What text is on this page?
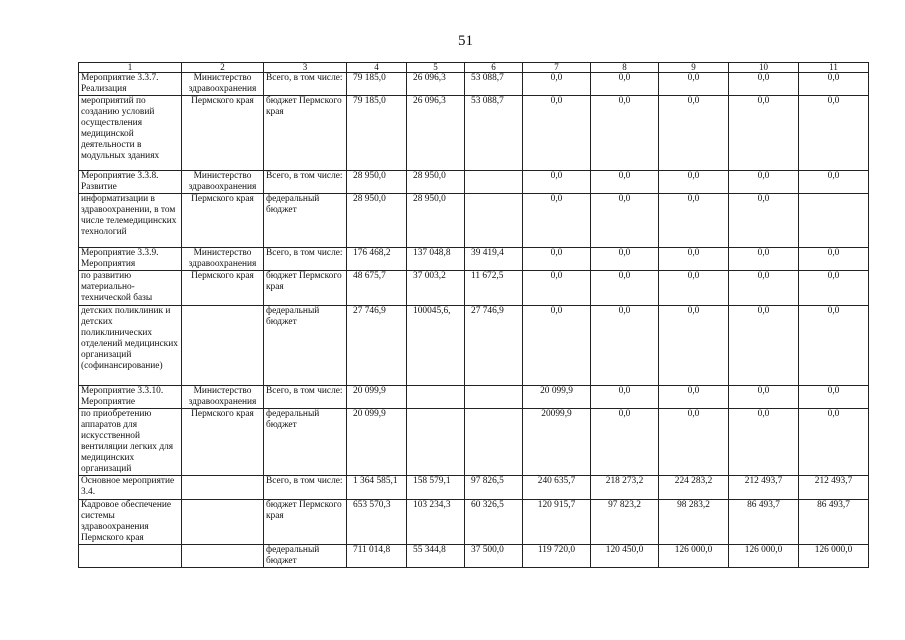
51
1	2	3	4	5	6	7	8	9	10	11
Мероприятие 3.3.7. Реализация	Министерство здравоохранения	Всего, в том числе:	79 185,0	26 096,3	53 088,7	0,0	0,0	0,0	0,0	0,0
мероприятий по созданию условий осуществления медицинской деятельности в модульных зданиях	Пермского края	бюджет Пермского края	79 185,0	26 096,3	53 088,7	0,0	0,0	0,0	0,0	0,0
Мероприятие 3.3.8. Развитие	Министерство здравоохранения	Всего, в том числе:	28 950,0	28 950,0		0,0	0,0	0,0	0,0	0,0
информатизации в здравоохранении, в том числе телемедицинских технологий	Пермского края	федеральный бюджет	28 950,0	28 950,0		0,0	0,0	0,0	0,0	
Мероприятие 3.3.9. Мероприятия	Министерство здравоохранения	Всего, в том числе:	176 468,2	137 048,8	39 419,4	0,0	0,0	0,0	0,0	0,0
по развитию материально-технической базы	Пермского края	бюджет Пермского края	48 675,7	37 003,2	11 672,5	0,0	0,0	0,0	0,0	0,0
детских поликлиник и детских поликлинических отделений медицинских организаций (софинансирование)		федеральный бюджет	27 746,9	100045,6,	27 746,9	0,0	0,0	0,0	0,0	0,0
Мероприятие 3.3.10. Мероприятие	Министерство здравоохранения	Всего, в том числе:	20 099,9			20 099,9	0,0	0,0	0,0	0,0
по приобретению аппаратов для искусственной вентиляции легких для медицинских организаций	Пермского края	федеральный бюджет	20 099,9			20099,9	0,0	0,0	0,0	0,0
Основное мероприятие 3.4.		Всего, в том числе:	1 364 585,1	158 579,1	97 826,5	240 635,7	218 273,2	224 283,2	212 493,7	212 493,7
Кадровое обеспечение системы здравоохранения Пермского края		бюджет Пермского края	653 570,3	103 234,3	60 326,5	120 915,7	97 823,2	98 283,2	86 493,7	86 493,7
		федеральный бюджет	711 014,8	55 344,8	37 500,0	119 720,0	120 450,0	126 000,0	126 000,0	126 000,0
